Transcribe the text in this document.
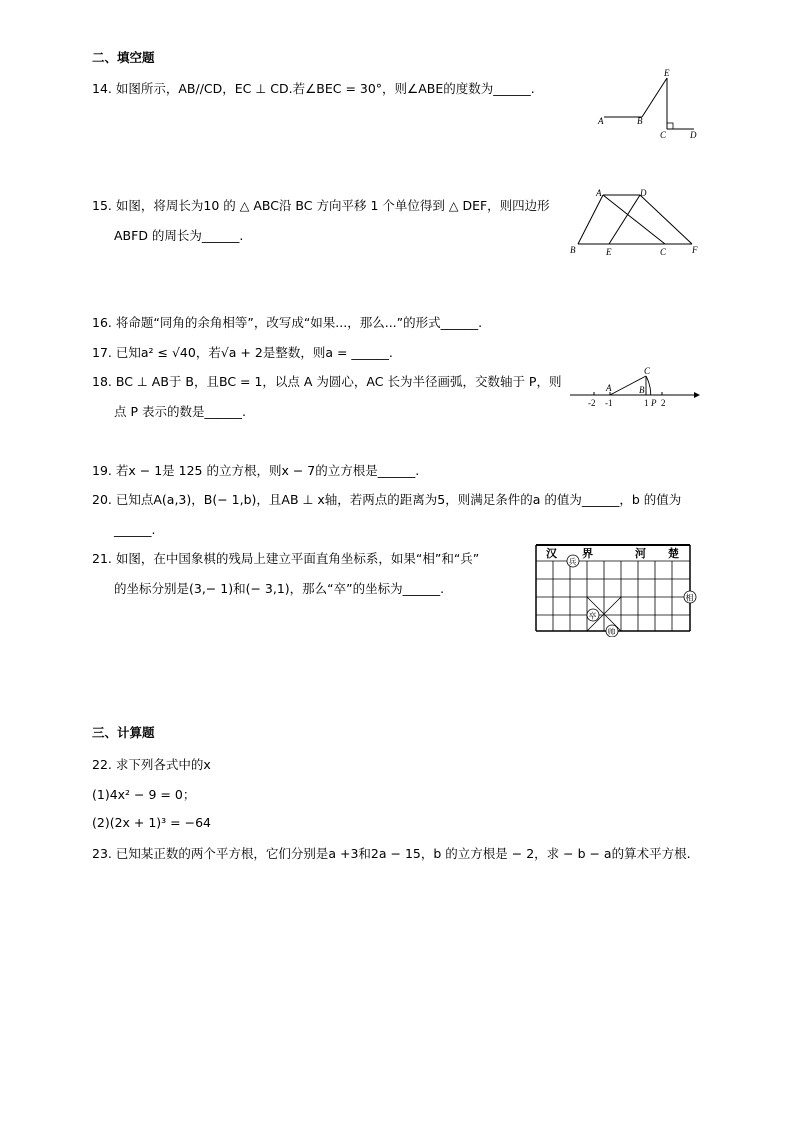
二、填空题
14. 如图所示，AB//CD，EC ⊥ CD.若∠BEC = 30°，则∠ABE的度数为______.
E
A	B
C	D
15. 如图，将周长为10 的 △ ABC沿 BC 方向平移 1 个单位得到 △ DEF，则四边形
ABFD 的周长为______.
A	D
B	E	C	F
16. 将命题“同角的余角相等”，改写成“如果...，那么...”的形式______.
17. 已知a² ≤ √40，若√a + 2是整数，则a = ______.
18. BC ⊥ AB于 B，且BC = 1，以点 A 为圆心，AC 长为半径画弧，交数轴于 P，则
点 P 表示的数是______.
C
A	B
-2 -1	1 P 2
19. 若x − 1是 125 的立方根，则x − 7的立方根是______.
20. 已知点A(a,3)，B(− 1,b)，且AB ⊥ x轴，若两点的距离为5，则满足条件的a 的值为______，b 的值为
______.
21. 如图，在中国象棋的残局上建立平面直角坐标系，如果“相”和“兵”
的坐标分别是(3,− 1)和(− 3,1)，那么“卒”的坐标为______.
汉 界	河 楚
兵
相
卒
帅
三、计算题
22. 求下列各式中的x
(1)4x² − 9 = 0；
(2)(2x + 1)³ = −64
23. 已知某正数的两个平方根，它们分别是a +3和2a − 15，b 的立方根是 − 2，求 − b − a的算术平方根.
